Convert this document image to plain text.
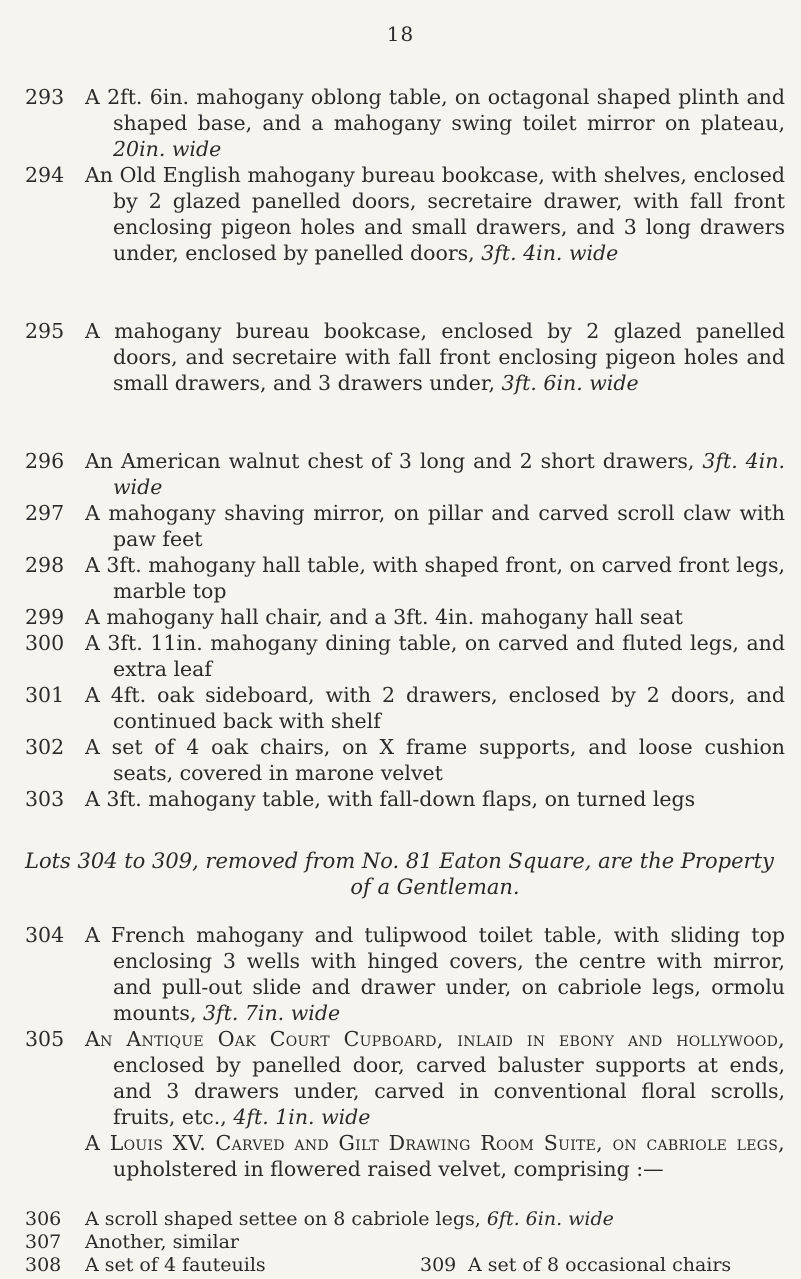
18
293	A 2ft. 6in. mahogany oblong table, on octagonal shaped plinth and shaped base, and a mahogany swing toilet mirror on plateau, 20in. wide
294	An Old English mahogany bureau bookcase, with shelves, enclosed by 2 glazed panelled doors, secretaire drawer, with fall front enclosing pigeon holes and small drawers, and 3 long drawers under, enclosed by panelled doors, 3ft. 4in. wide
295	A mahogany bureau bookcase, enclosed by 2 glazed panelled doors, and secretaire with fall front enclosing pigeon holes and small drawers, and 3 drawers under, 3ft. 6in. wide
296	An American walnut chest of 3 long and 2 short drawers, 3ft. 4in. wide
297	A mahogany shaving mirror, on pillar and carved scroll claw with paw feet
298	A 3ft. mahogany hall table, with shaped front, on carved front legs, marble top
299	A mahogany hall chair, and a 3ft. 4in. mahogany hall seat
300	A 3ft. 11in. mahogany dining table, on carved and fluted legs, and extra leaf
301	A 4ft. oak sideboard, with 2 drawers, enclosed by 2 doors, and continued back with shelf
302	A set of 4 oak chairs, on X frame supports, and loose cushion seats, covered in marone velvet
303	A 3ft. mahogany table, with fall-down flaps, on turned legs
Lots 304 to 309, removed from No. 81 Eaton Square, are the Property
of a Gentleman.
304	A French mahogany and tulipwood toilet table, with sliding top enclosing 3 wells with hinged covers, the centre with mirror, and pull-out slide and drawer under, on cabriole legs, ormolu mounts, 3ft. 7in. wide
305	An Antique Oak Court Cupboard, inlaid in ebony and hollywood, enclosed by panelled door, carved baluster supports at ends, and 3 drawers under, carved in conventional floral scrolls, fruits, etc., 4ft. 1in. wide
A Louis XV. Carved and Gilt Drawing Room Suite, on cabriole legs, upholstered in flowered raised velvet, comprising :—
306	A scroll shaped settee on 8 cabriole legs, 6ft. 6in. wide
307	Another, similar
308	A set of 4 fauteuils	309 A set of 8 occasional chairs
